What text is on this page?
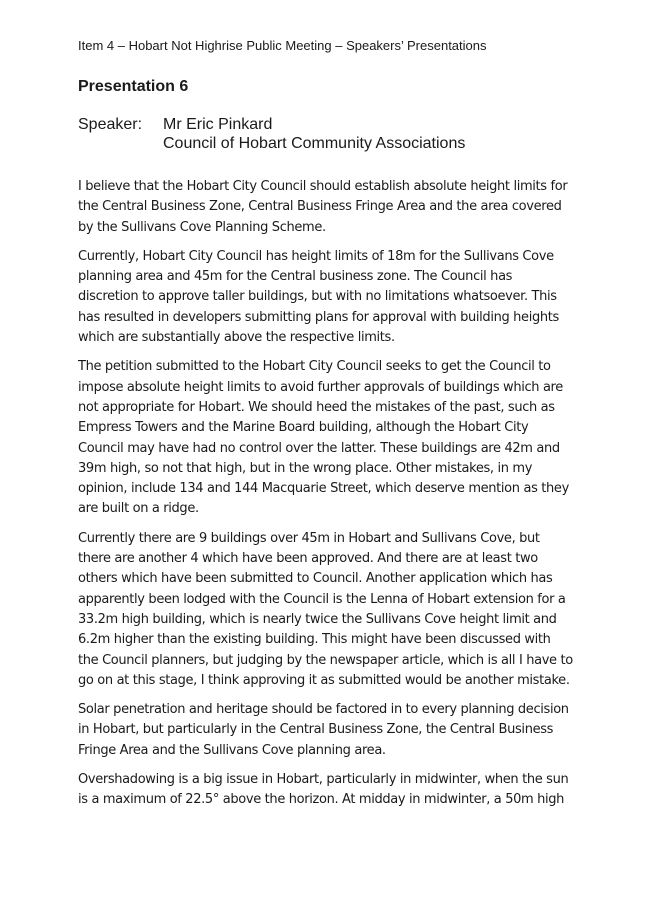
Item 4 – Hobart Not Highrise Public Meeting – Speakers’ Presentations
Presentation 6
Speaker: Mr Eric Pinkard
Council of Hobart Community Associations

I believe that the Hobart City Council should establish absolute height limits for the Central Business Zone, Central Business Fringe Area and the area covered by the Sullivans Cove Planning Scheme.

Currently, Hobart City Council has height limits of 18m for the Sullivans Cove planning area and 45m for the Central business zone. The Council has discretion to approve taller buildings, but with no limitations whatsoever. This has resulted in developers submitting plans for approval with building heights which are substantially above the respective limits.

The petition submitted to the Hobart City Council seeks to get the Council to impose absolute height limits to avoid further approvals of buildings which are not appropriate for Hobart. We should heed the mistakes of the past, such as Empress Towers and the Marine Board building, although the Hobart City Council may have had no control over the latter. These buildings are 42m and 39m high, so not that high, but in the wrong place. Other mistakes, in my opinion, include 134 and 144 Macquarie Street, which deserve mention as they are built on a ridge.

Currently there are 9 buildings over 45m in Hobart and Sullivans Cove, but there are another 4 which have been approved. And there are at least two others which have been submitted to Council. Another application which has apparently been lodged with the Council is the Lenna of Hobart extension for a 33.2m high building, which is nearly twice the Sullivans Cove height limit and 6.2m higher than the existing building. This might have been discussed with the Council planners, but judging by the newspaper article, which is all I have to go on at this stage, I think approving it as submitted would be another mistake.

Solar penetration and heritage should be factored in to every planning decision in Hobart, but particularly in the Central Business Zone, the Central Business Fringe Area and the Sullivans Cove planning area.

Overshadowing is a big issue in Hobart, particularly in midwinter, when the sun is a maximum of 22.5° above the horizon. At midday in midwinter, a 50m high
